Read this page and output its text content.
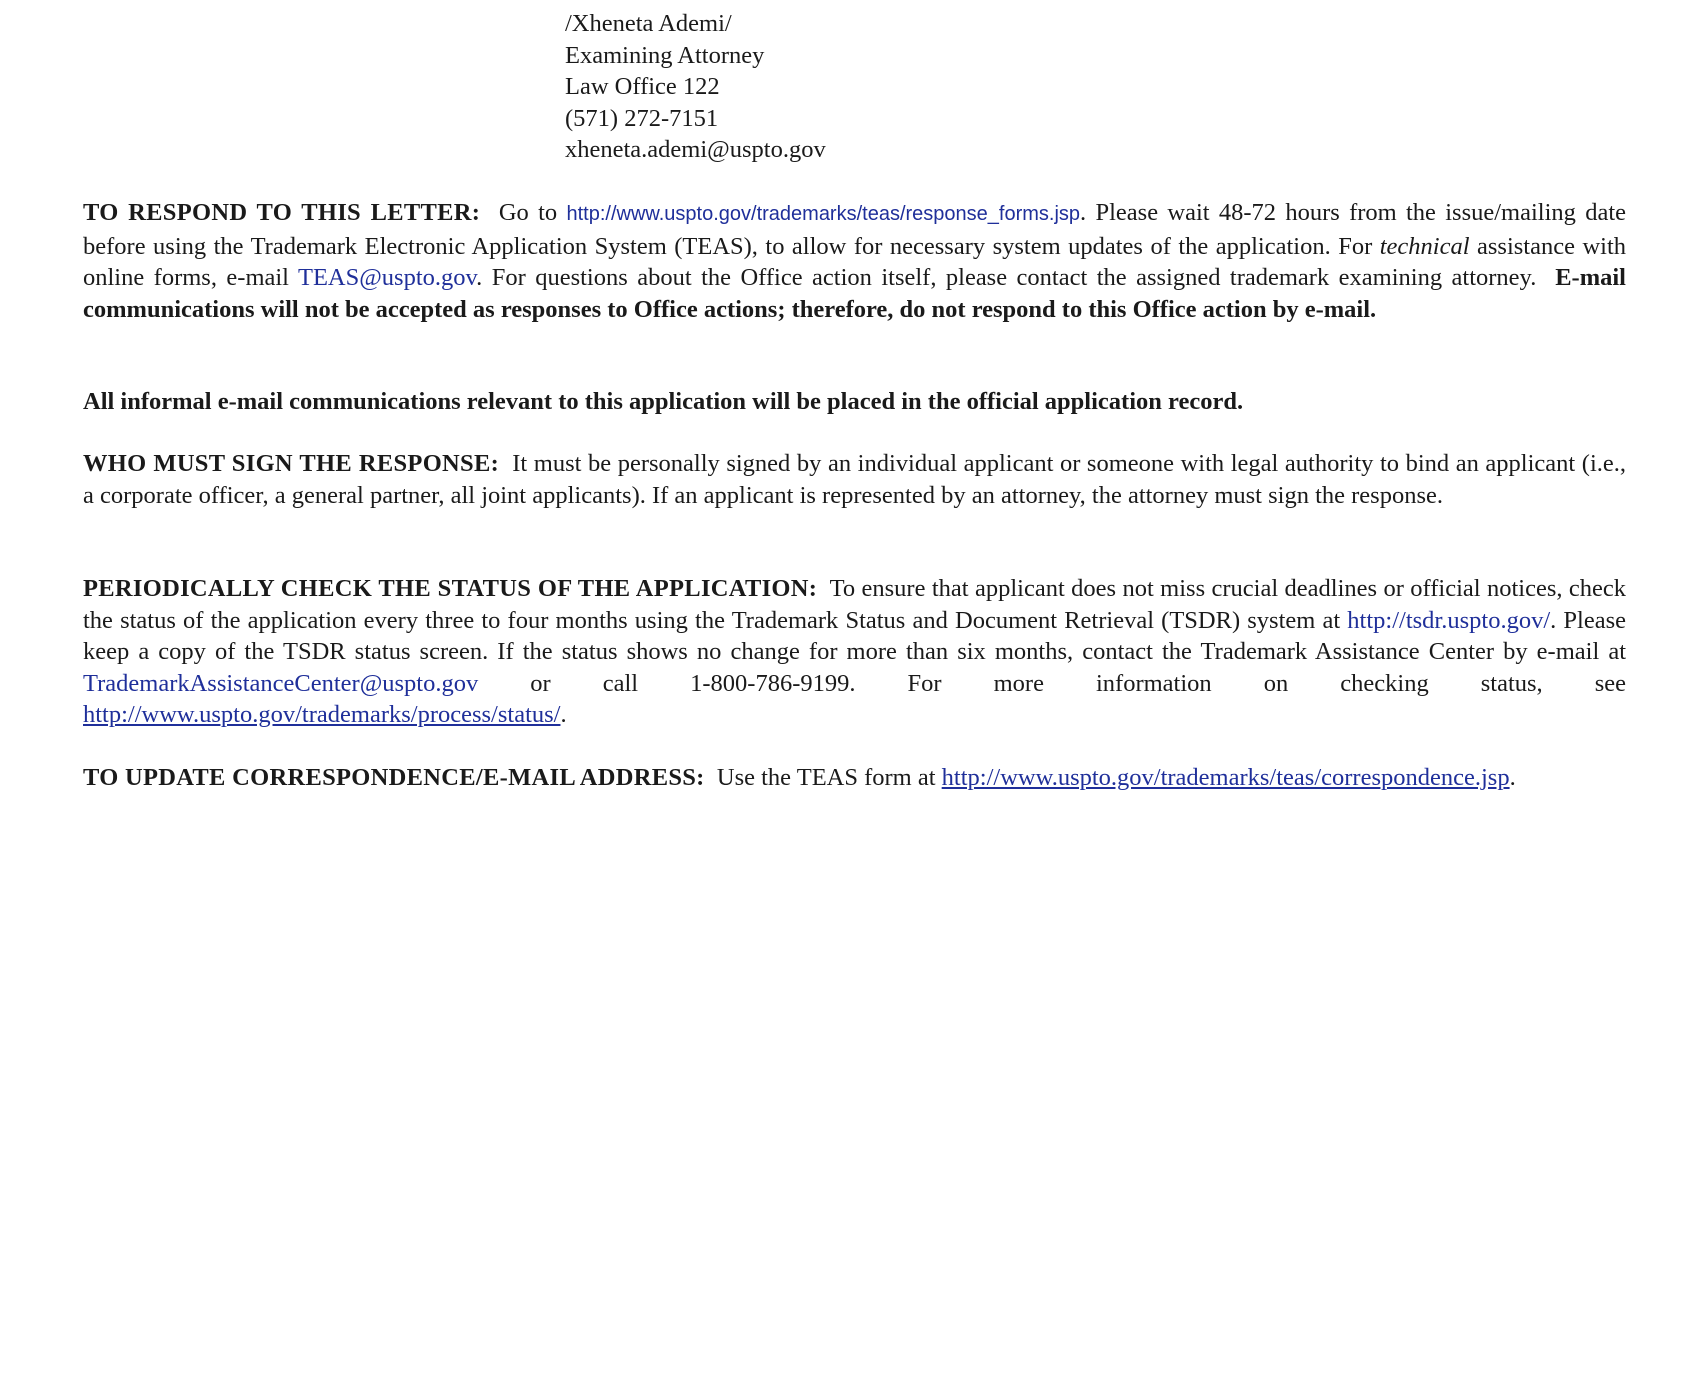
/Xheneta Ademi/
Examining Attorney
Law Office 122
(571) 272-7151
xheneta.ademi@uspto.gov
TO RESPOND TO THIS LETTER: Go to http://www.uspto.gov/trademarks/teas/response_forms.jsp. Please wait 48-72 hours from the issue/mailing date before using the Trademark Electronic Application System (TEAS), to allow for necessary system updates of the application. For technical assistance with online forms, e-mail TEAS@uspto.gov. For questions about the Office action itself, please contact the assigned trademark examining attorney. E-mail communications will not be accepted as responses to Office actions; therefore, do not respond to this Office action by e-mail.
All informal e-mail communications relevant to this application will be placed in the official application record.
WHO MUST SIGN THE RESPONSE: It must be personally signed by an individual applicant or someone with legal authority to bind an applicant (i.e., a corporate officer, a general partner, all joint applicants). If an applicant is represented by an attorney, the attorney must sign the response.
PERIODICALLY CHECK THE STATUS OF THE APPLICATION: To ensure that applicant does not miss crucial deadlines or official notices, check the status of the application every three to four months using the Trademark Status and Document Retrieval (TSDR) system at http://tsdr.uspto.gov/. Please keep a copy of the TSDR status screen. If the status shows no change for more than six months, contact the Trademark Assistance Center by e-mail at TrademarkAssistanceCenter@uspto.gov or call 1-800-786-9199. For more information on checking status, see http://www.uspto.gov/trademarks/process/status/.
TO UPDATE CORRESPONDENCE/E-MAIL ADDRESS: Use the TEAS form at http://www.uspto.gov/trademarks/teas/correspondence.jsp.
